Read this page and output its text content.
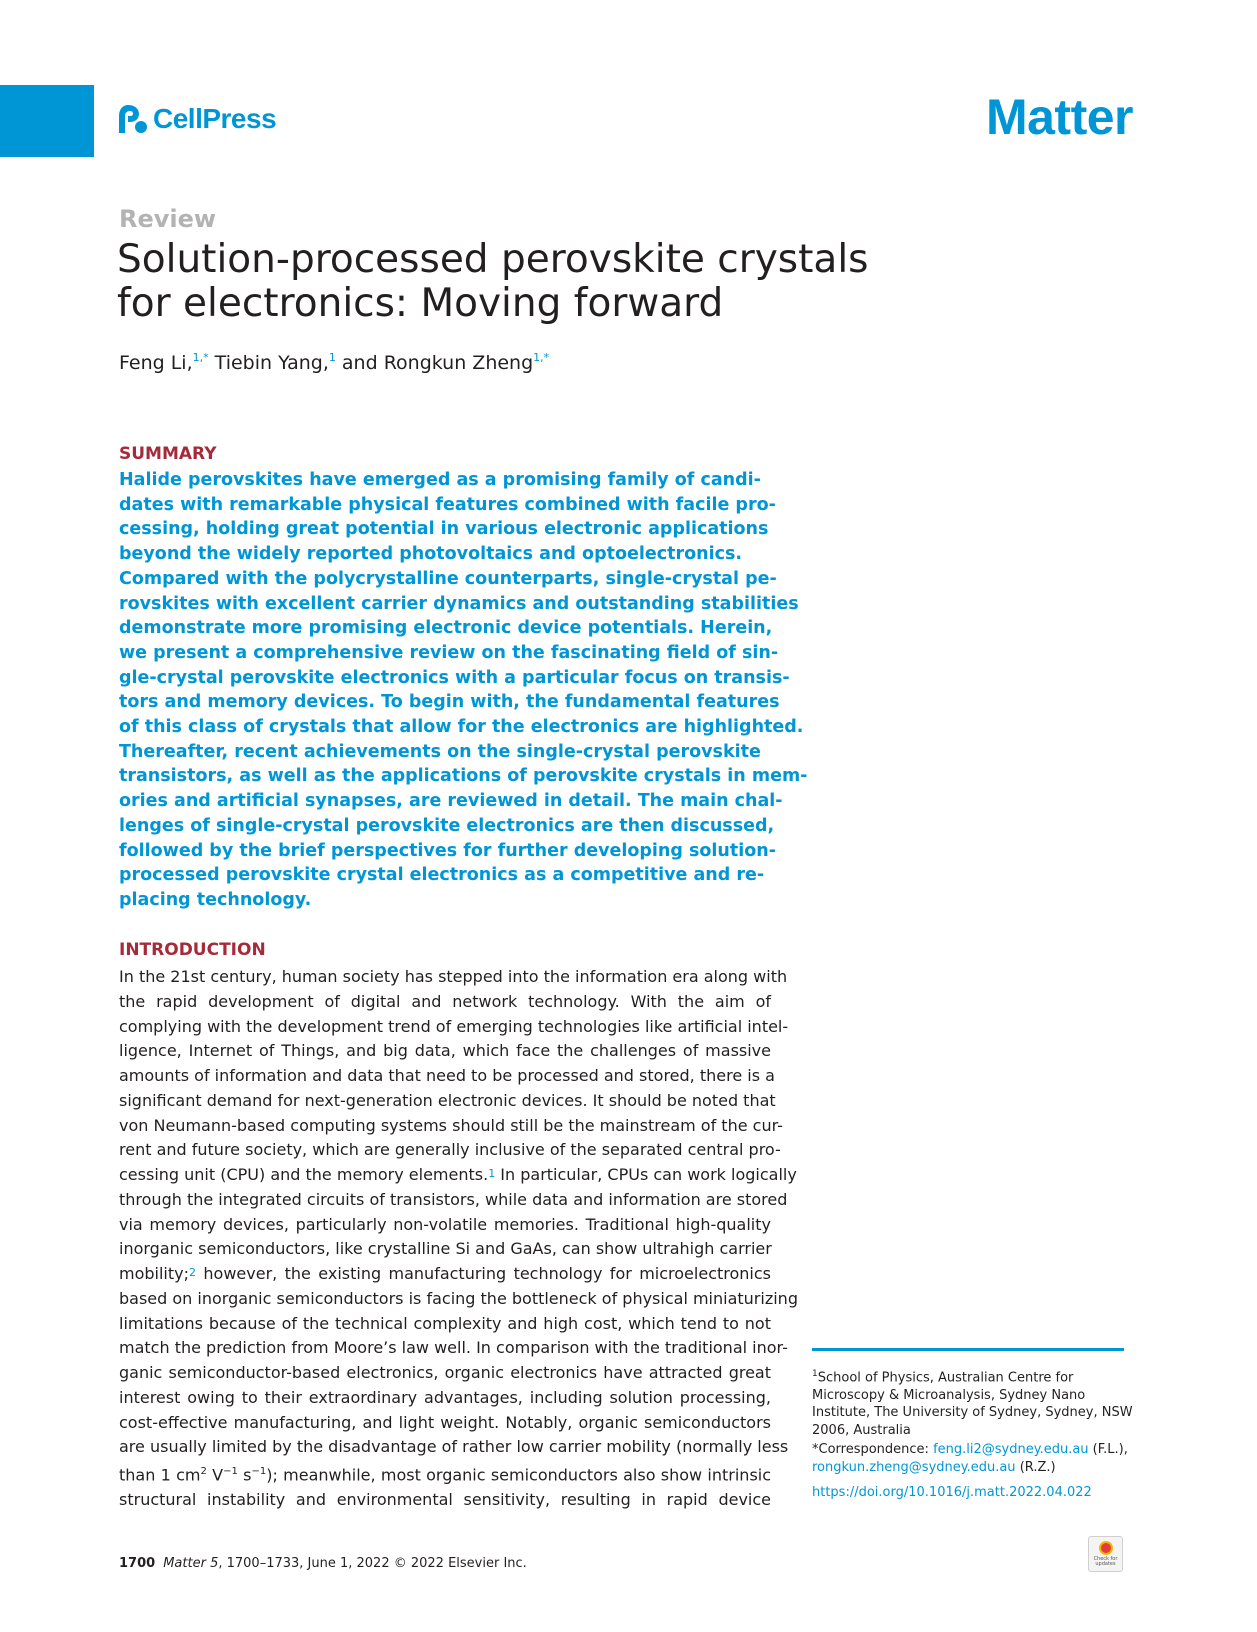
CellPress	Matter
Review
Solution-processed perovskite crystals
for electronics: Moving forward
Feng Li,$^{1,*}$ Tiebin Yang,$^1$ and Rongkun Zheng$^{1,*}$
SUMMARY

Halide perovskites have emerged as a promising family of candi-
dates with remarkable physical features combined with facile pro-
cessing, holding great potential in various electronic applications
beyond the widely reported photovoltaics and optoelectronics.
Compared with the polycrystalline counterparts, single-crystal pe-
rovskites with excellent carrier dynamics and outstanding stabilities
demonstrate more promising electronic device potentials. Herein,
we present a comprehensive review on the fascinating field of sin-
gle-crystal perovskite electronics with a particular focus on transis-
tors and memory devices. To begin with, the fundamental features
of this class of crystals that allow for the electronics are highlighted.
Thereafter, recent achievements on the single-crystal perovskite
transistors, as well as the applications of perovskite crystals in mem-
ories and artificial synapses, are reviewed in detail. The main chal-
lenges of single-crystal perovskite electronics are then discussed,
followed by the brief perspectives for further developing solution-
processed perovskite crystal electronics as a competitive and re-
placing technology.

INTRODUCTION

In the 21st century, human society has stepped into the information era along with
the rapid development of digital and network technology. With the aim of
complying with the development trend of emerging technologies like artificial intel-
ligence, Internet of Things, and big data, which face the challenges of massive
amounts of information and data that need to be processed and stored, there is a
significant demand for next-generation electronic devices. It should be noted that
von Neumann-based computing systems should still be the mainstream of the cur-
rent and future society, which are generally inclusive of the separated central pro-
cessing unit (CPU) and the memory elements.$^1$ In particular, CPUs can work logically
through the integrated circuits of transistors, while data and information are stored
via memory devices, particularly non-volatile memories. Traditional high-quality
inorganic semiconductors, like crystalline Si and GaAs, can show ultrahigh carrier
mobility;$^2$ however, the existing manufacturing technology for microelectronics
based on inorganic semiconductors is facing the bottleneck of physical miniaturizing
limitations because of the technical complexity and high cost, which tend to not
match the prediction from Moore’s law well. In comparison with the traditional inor-
ganic semiconductor-based electronics, organic electronics have attracted great
interest owing to their extraordinary advantages, including solution processing,
cost-effective manufacturing, and light weight. Notably, organic semiconductors
are usually limited by the disadvantage of rather low carrier mobility (normally less
than 1 $cm^2$ $V^{-1}$ $s^{-1}$); meanwhile, most organic semiconductors also show intrinsic
structural instability and environmental sensitivity, resulting in rapid device

$^1$School of Physics, Australian Centre for
Microscopy & Microanalysis, Sydney Nano
Institute, The University of Sydney, Sydney, NSW
2006, Australia
*Correspondence: feng.li2@sydney.edu.au (F.L.),
rongkun.zheng@sydney.edu.au (R.Z.)
https://doi.org/10.1016/j.matt.2022.04.022
1700 Matter 5, 1700–1733, June 1, 2022 © 2022 Elsevier Inc.	Check for updates
